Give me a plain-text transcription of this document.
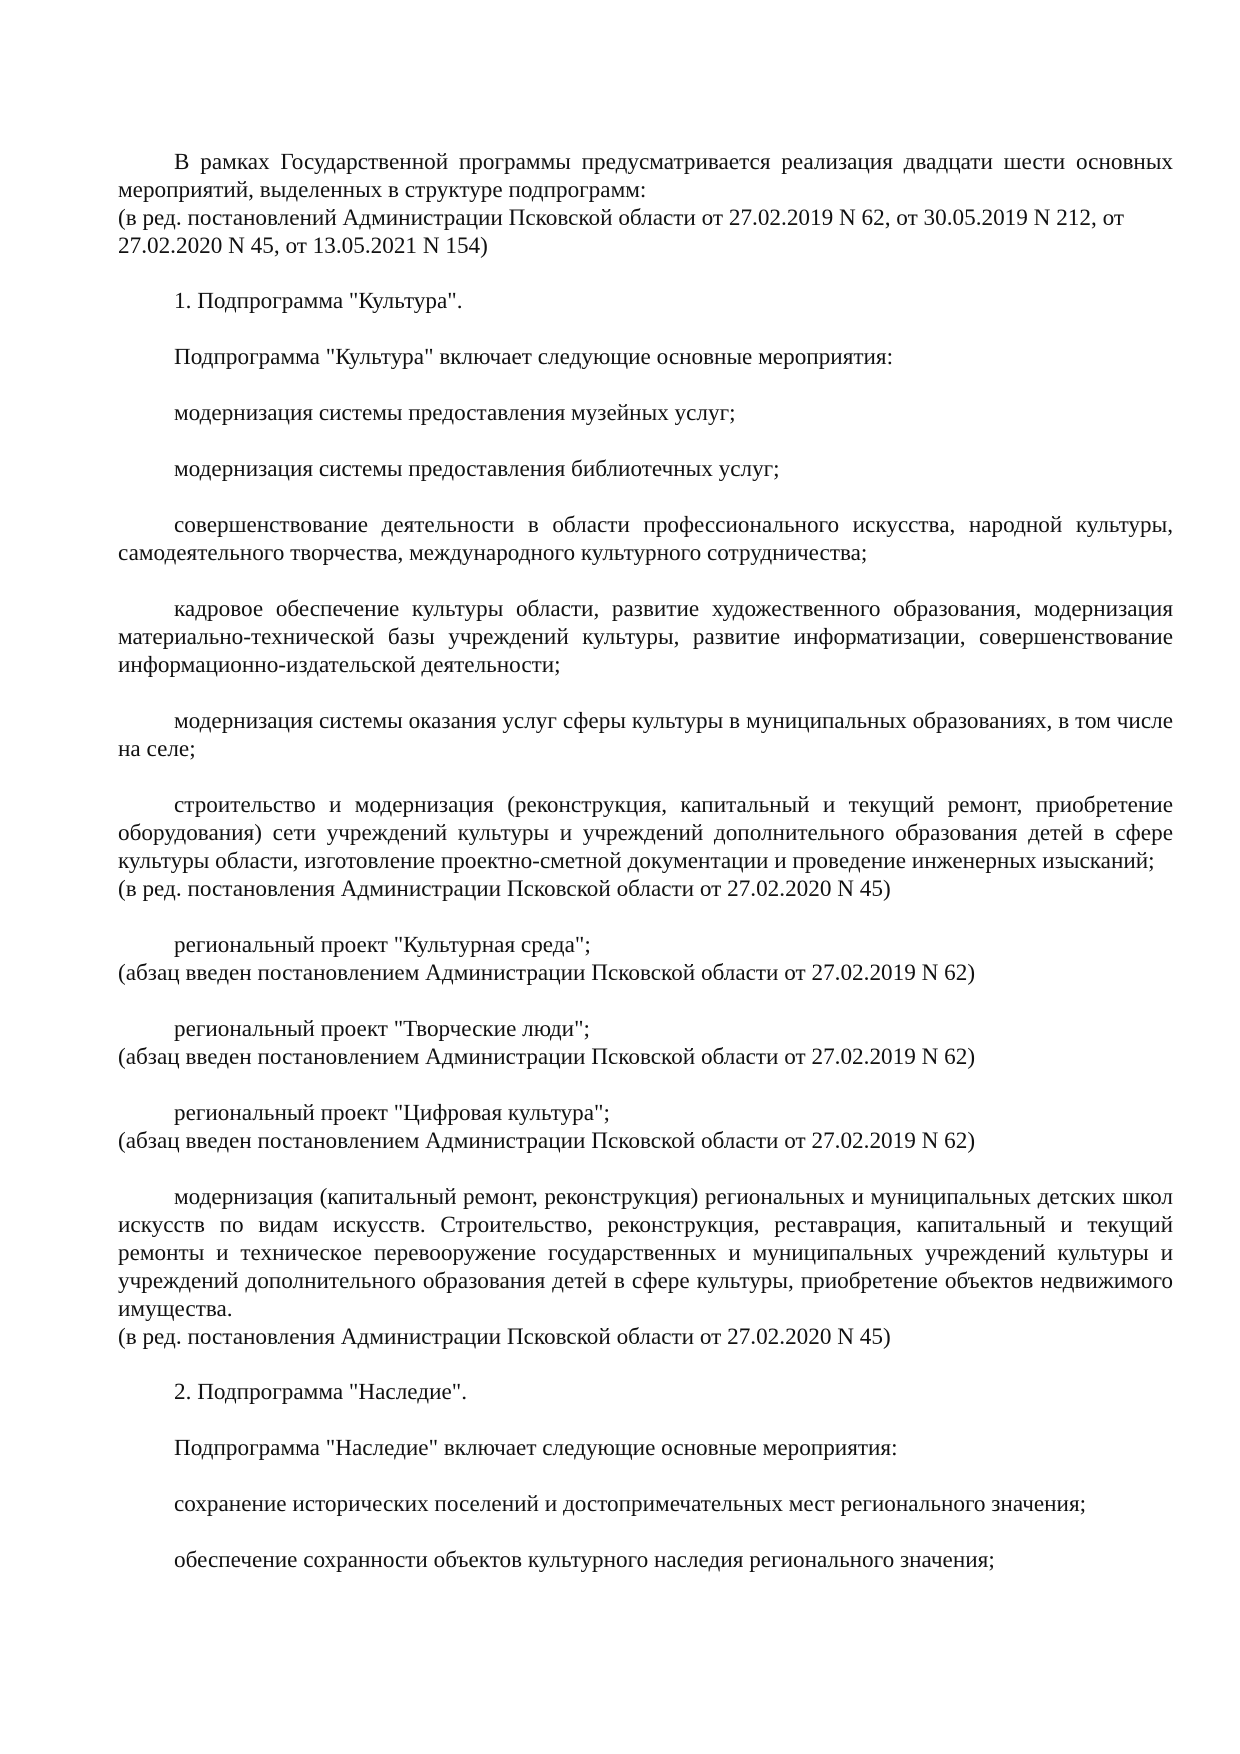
В рамках Государственной программы предусматривается реализация двадцати шести основных мероприятий, выделенных в структуре подпрограмм:

(в ред. постановлений Администрации Псковской области от 27.02.2019 N 62, от 30.05.2019 N 212, от 27.02.2020 N 45, от 13.05.2021 N 154)

1. Подпрограмма "Культура".

Подпрограмма "Культура" включает следующие основные мероприятия:

модернизация системы предоставления музейных услуг;

модернизация системы предоставления библиотечных услуг;

совершенствование деятельности в области профессионального искусства, народной культуры, самодеятельного творчества, международного культурного сотрудничества;

кадровое обеспечение культуры области, развитие художественного образования, модернизация материально-технической базы учреждений культуры, развитие информатизации, совершенствование информационно-издательской деятельности;

модернизация системы оказания услуг сферы культуры в муниципальных образованиях, в том числе на селе;

строительство и модернизация (реконструкция, капитальный и текущий ремонт, приобретение оборудования) сети учреждений культуры и учреждений дополнительного образования детей в сфере культуры области, изготовление проектно-сметной документации и проведение инженерных изысканий;

(в ред. постановления Администрации Псковской области от 27.02.2020 N 45)

региональный проект "Культурная среда";

(абзац введен постановлением Администрации Псковской области от 27.02.2019 N 62)

региональный проект "Творческие люди";

(абзац введен постановлением Администрации Псковской области от 27.02.2019 N 62)

региональный проект "Цифровая культура";

(абзац введен постановлением Администрации Псковской области от 27.02.2019 N 62)

модернизация (капитальный ремонт, реконструкция) региональных и муниципальных детских школ искусств по видам искусств. Строительство, реконструкция, реставрация, капитальный и текущий ремонты и техническое перевооружение государственных и муниципальных учреждений культуры и учреждений дополнительного образования детей в сфере культуры, приобретение объектов недвижимого имущества.

(в ред. постановления Администрации Псковской области от 27.02.2020 N 45)

2. Подпрограмма "Наследие".

Подпрограмма "Наследие" включает следующие основные мероприятия:

сохранение исторических поселений и достопримечательных мест регионального значения;

обеспечение сохранности объектов культурного наследия регионального значения;
